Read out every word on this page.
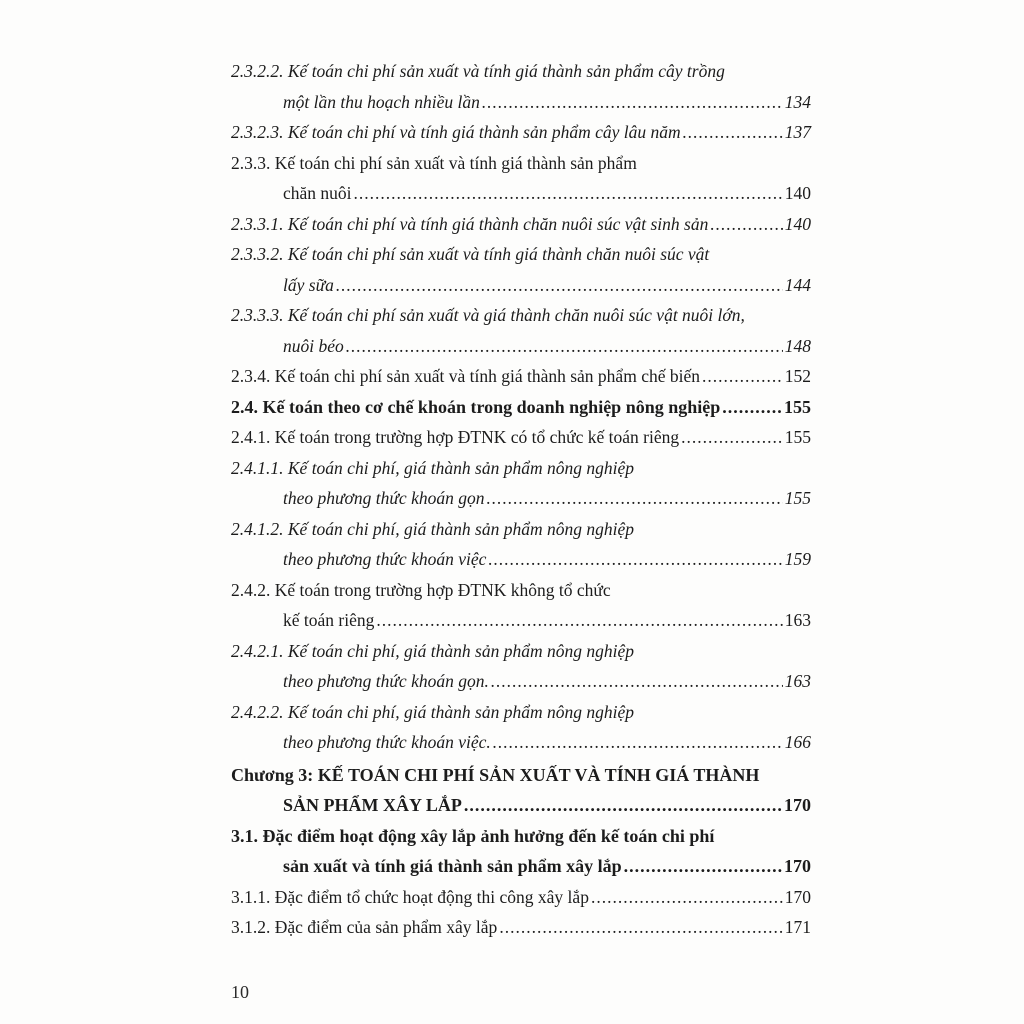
2.3.2.2. Kế toán chi phí sản xuất và tính giá thành sản phẩm cây trồng
một lần thu hoạch nhiều lần .....	134
2.3.2.3. Kế toán chi phí và tính giá thành sản phẩm cây lâu năm .....	137
2.3.3. Kế toán chi phí sản xuất và tính giá thành sản phẩm
chăn nuôi .....	140
2.3.3.1. Kế toán chi phí và tính giá thành chăn nuôi súc vật sinh sản .....	140
2.3.3.2. Kế toán chi phí sản xuất và tính giá thành chăn nuôi súc vật
lấy sữa .....	144
2.3.3.3. Kế toán chi phí sản xuất và giá thành chăn nuôi súc vật nuôi lớn,
nuôi béo .....	148
2.3.4. Kế toán chi phí sản xuất và tính giá thành sản phẩm chế biến .....	152
2.4. Kế toán theo cơ chế khoán trong doanh nghiệp nông nghiệp .....	155
2.4.1. Kế toán trong trường hợp ĐTNK có tổ chức kế toán riêng .....	155
2.4.1.1. Kế toán chi phí, giá thành sản phẩm nông nghiệp
theo phương thức khoán gọn .....	155
2.4.1.2. Kế toán chi phí, giá thành sản phẩm nông nghiệp
theo phương thức khoán việc .....	159
2.4.2. Kế toán trong trường hợp ĐTNK không tổ chức
kế toán riêng .....	163
2.4.2.1. Kế toán chi phí, giá thành sản phẩm nông nghiệp
theo phương thức khoán gọn. .....	163
2.4.2.2. Kế toán chi phí, giá thành sản phẩm nông nghiệp
theo phương thức khoán việc. .....	166
Chương 3: KẾ TOÁN CHI PHÍ SẢN XUẤT VÀ TÍNH GIÁ THÀNH
SẢN PHẨM XÂY LẮP .....	170
3.1. Đặc điểm hoạt động xây lắp ảnh hưởng đến kế toán chi phí
sản xuất và tính giá thành sản phẩm xây lắp .....	170
3.1.1. Đặc điểm tổ chức hoạt động thi công xây lắp .....	170
3.1.2. Đặc điểm của sản phẩm xây lắp .....	171
10
